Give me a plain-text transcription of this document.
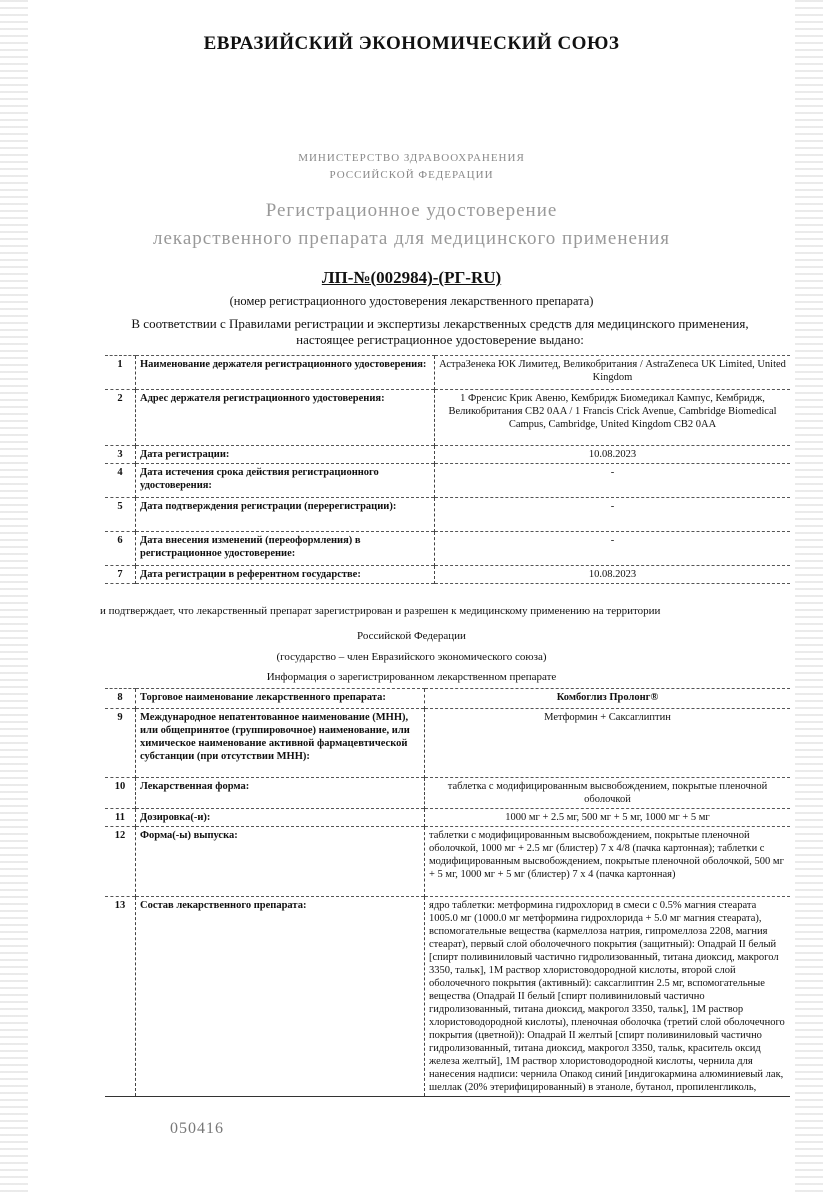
ЕВРАЗИЙСКИЙ ЭКОНОМИЧЕСКИЙ СОЮЗ
МИНИСТЕРСТВО ЗДРАВООХРАНЕНИЯ
РОССИЙСКОЙ ФЕДЕРАЦИИ
Регистрационное удостоверение
лекарственного препарата для медицинского применения
ЛП-№(002984)-(РГ-RU)
(номер регистрационного удостоверения лекарственного препарата)
В соответствии с Правилами регистрации и экспертизы лекарственных средств для медицинского применения, настоящее регистрационное удостоверение выдано:
1	Наименование держателя регистрационного удостоверения:	АстраЗенека ЮК Лимитед, Великобритания / AstraZeneca UK Limited, United Kingdom
2	Адрес держателя регистрационного удостоверения:	1 Френсис Крик Авеню, Кембридж Биомедикал Кампус, Кембридж, Великобритания CB2 0AA / 1 Francis Crick Avenue, Cambridge Biomedical Campus, Cambridge, United Kingdom CB2 0AA
3	Дата регистрации:	10.08.2023
4	Дата истечения срока действия регистрационного удостоверения:	-
5	Дата подтверждения регистрации (перерегистрации):	-
6	Дата внесения изменений (переоформления) в регистрационное удостоверение:	-
7	Дата регистрации в референтном государстве:	10.08.2023
и подтверждает, что лекарственный препарат зарегистрирован и разрешен к медицинскому применению на территории
Российской Федерации
(государство – член Евразийского экономического союза)
Информация о зарегистрированном лекарственном препарате
8	Торговое наименование лекарственного препарата:	Комбоглиз Пролонг®
9	Международное непатентованное наименование (МНН), или общепринятое (группировочное) наименование, или химическое наименование активной фармацевтической субстанции (при отсутствии МНН):	Метформин + Саксаглиптин
10	Лекарственная форма:	таблетка с модифицированным высвобождением, покрытые пленочной оболочкой
11	Дозировка(-и):	1000 мг + 2.5 мг, 500 мг + 5 мг, 1000 мг + 5 мг
12	Форма(-ы) выпуска:	таблетки с модифицированным высвобождением, покрытые пленочной оболочкой, 1000 мг + 2.5 мг (блистер) 7 х 4/8 (пачка картонная); таблетки с модифицированным высвобождением, покрытые пленочной оболочкой, 500 мг + 5 мг, 1000 мг + 5 мг (блистер) 7 х 4 (пачка картонная)
13	Состав лекарственного препарата:	ядро таблетки: метформина гидрохлорид в смеси с 0.5% магния стеарата 1005.0 мг (1000.0 мг метформина гидрохлорида + 5.0 мг магния стеарата), вспомогательные вещества (кармеллоза натрия, гипромеллоза 2208, магния стеарат), первый слой оболочечного покрытия (защитный): Опадрай II белый [спирт поливиниловый частично гидролизованный, титана диоксид, макрогол 3350, тальк], 1М раствор хлористоводородной кислоты, второй слой оболочечного покрытия (активный): саксаглиптин 2.5 мг, вспомогательные вещества (Опадрай II белый [спирт поливиниловый частично гидролизованный, титана диоксид, макрогол 3350, тальк], 1М раствор хлористоводородной кислоты), пленочная оболочка (третий слой оболочечного покрытия (цветной)): Опадрай II желтый [спирт поливиниловый частично гидролизованный, титана диоксид, макрогол 3350, тальк, краситель оксид железа желтый], 1М раствор хлористоводородной кислоты, чернила для нанесения надписи: чернила Опакод синий [индигокармина алюминиевый лак, шеллак (20% этерифицированный) в этаноле, бутанол, пропиленгликоль,
050416
